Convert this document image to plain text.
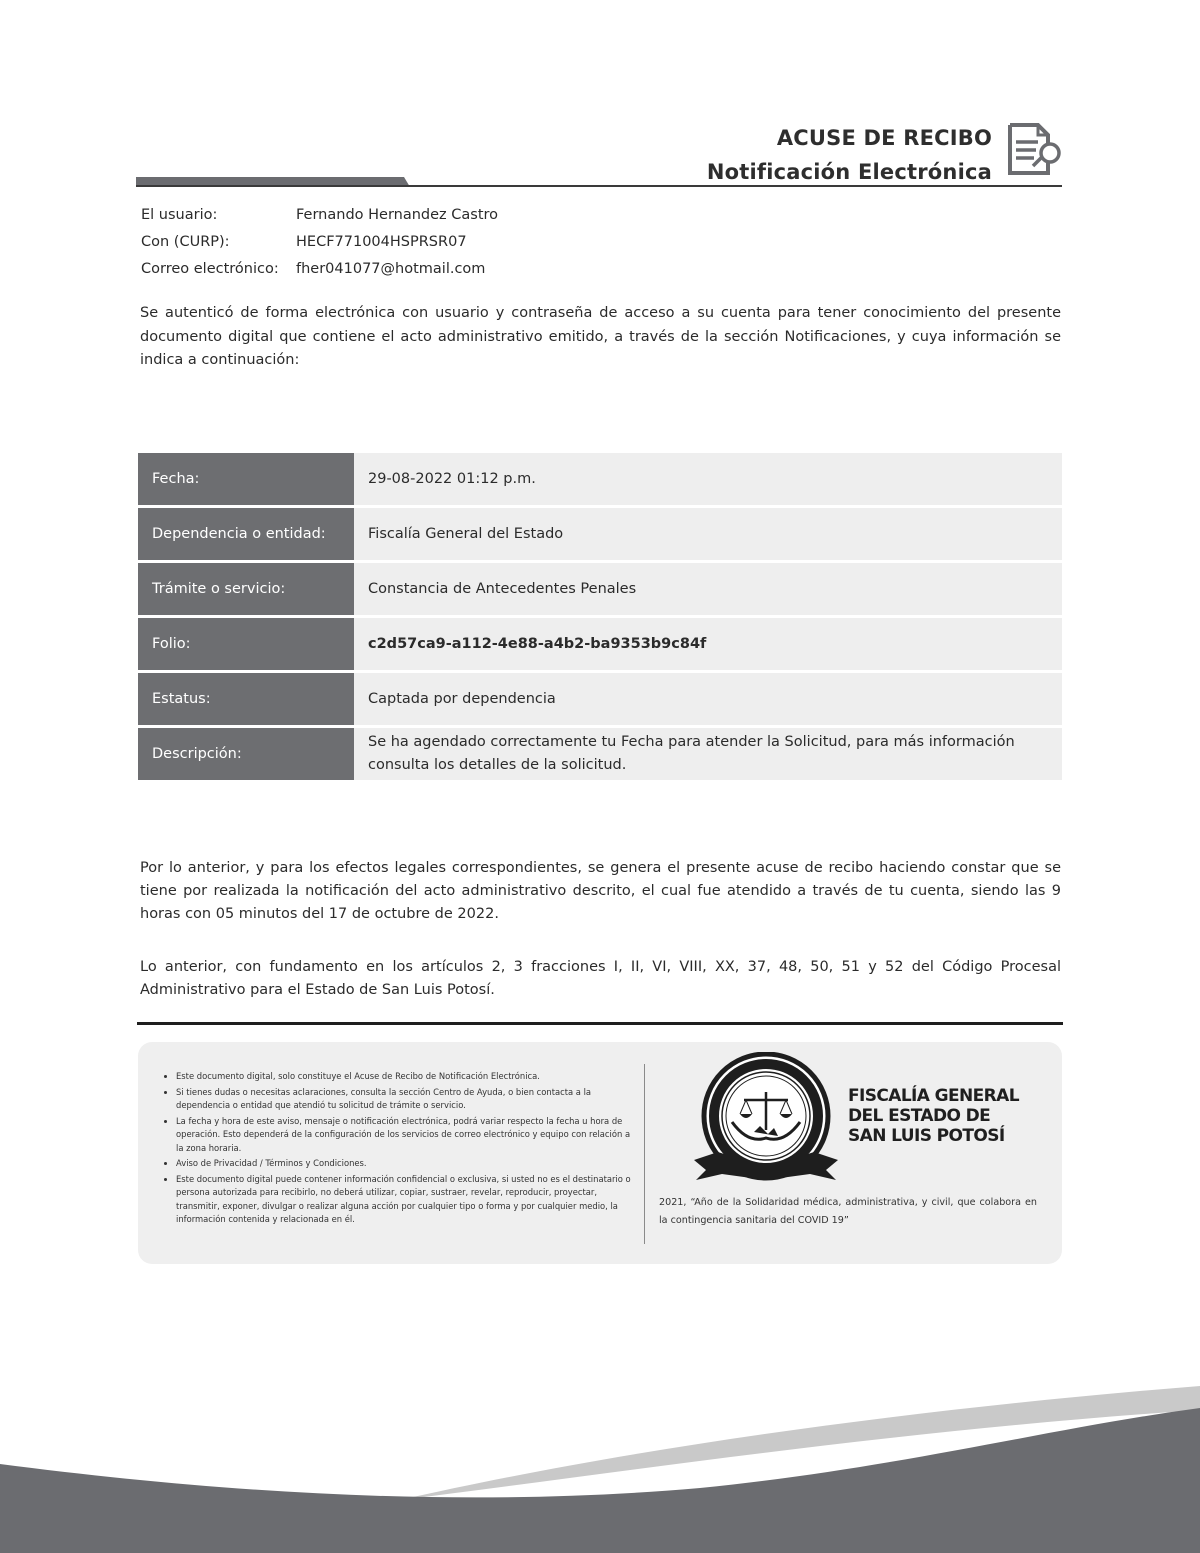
ACUSE DE RECIBO
Notificación Electrónica
El usuario:	Fernando Hernandez Castro
Con (CURP):	HECF771004HSPRSR07
Correo electrónico:	fher041077@hotmail.com
Se autenticó de forma electrónica con usuario y contraseña de acceso a su cuenta para tener conocimiento del presente documento digital que contiene el acto administrativo emitido, a través de la sección Notificaciones, y cuya información se indica a continuación:
Fecha:	29-08-2022 01:12 p.m.
Dependencia o entidad:	Fiscalía General del Estado
Trámite o servicio:	Constancia de Antecedentes Penales
Folio:	c2d57ca9-a112-4e88-a4b2-ba9353b9c84f
Estatus:	Captada por dependencia
Descripción:	Se ha agendado correctamente tu Fecha para atender la Solicitud, para más información consulta los detalles de la solicitud.
Por lo anterior, y para los efectos legales correspondientes, se genera el presente acuse de recibo haciendo constar que se tiene por realizada la notificación del acto administrativo descrito, el cual fue atendido a través de tu cuenta, siendo las 9 horas con 05 minutos del 17 de octubre de 2022.
Lo anterior, con fundamento en los artículos 2, 3 fracciones I, II, VI, VIII, XX, 37, 48, 50, 51 y 52 del Código Procesal Administrativo para el Estado de San Luis Potosí.
• Este documento digital, solo constituye el Acuse de Recibo de Notificación Electrónica.
• Si tienes dudas o necesitas aclaraciones, consulta la sección Centro de Ayuda, o bien contacta a la dependencia o entidad que atendió tu solicitud de trámite o servicio.
• La fecha y hora de este aviso, mensaje o notificación electrónica, podrá variar respecto la fecha u hora de operación. Esto dependerá de la configuración de los servicios de correo electrónico y equipo con relación a la zona horaria.
• Aviso de Privacidad / Términos y Condiciones.
• Este documento digital puede contener información confidencial o exclusiva, si usted no es el destinatario o persona autorizada para recibirlo, no deberá utilizar, copiar, sustraer, revelar, reproducir, proyectar, transmitir, exponer, divulgar o realizar alguna acción por cualquier tipo o forma y por cualquier medio, la información contenida y relacionada en él.
FISCALÍA GENERAL
DEL ESTADO DE
SAN LUIS POTOSÍ
2021, “Año de la Solidaridad médica, administrativa, y civil, que colabora en la contingencia sanitaria del COVID 19”
